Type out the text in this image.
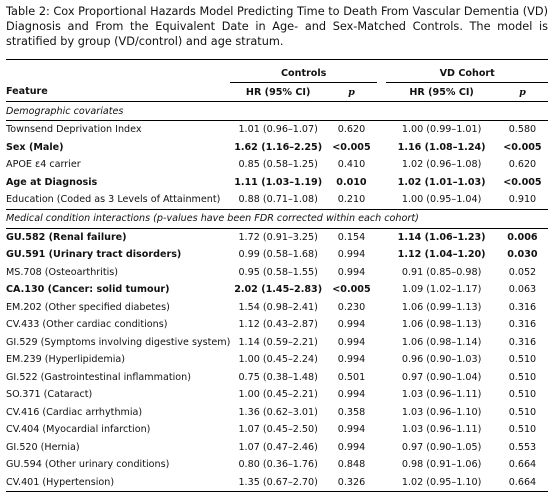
Table 2: Cox Proportional Hazards Model Predicting Time to Death From Vascular Dementia (VD) Diagnosis and From the Equivalent Date in Age- and Sex-Matched Controls. The model is stratified by group (VD/control) and age stratum.

	Controls			VD Cohort	
Feature	HR (95% CI)	p		HR (95% CI)	p
Demographic covariates					
Townsend Deprivation Index	1.01 (0.96–1.07)	0.620		1.00 (0.99–1.01)	0.580
Sex (Male)	1.62 (1.16–2.25)	<0.005		1.16 (1.08–1.24)	<0.005
APOE ε4 carrier	0.85 (0.58–1.25)	0.410		1.02 (0.96–1.08)	0.620
Age at Diagnosis	1.11 (1.03–1.19)	0.010		1.02 (1.01–1.03)	<0.005
Education (Coded as 3 Levels of Attainment)	0.88 (0.71–1.08)	0.210		1.00 (0.95–1.04)	0.910
Medical condition interactions (p-values have been FDR corrected within each cohort)					
GU.582 (Renal failure)	1.72 (0.91–3.25)	0.154		1.14 (1.06–1.23)	0.006
GU.591 (Urinary tract disorders)	0.99 (0.58–1.68)	0.994		1.12 (1.04–1.20)	0.030
MS.708 (Osteoarthritis)	0.95 (0.58–1.55)	0.994		0.91 (0.85–0.98)	0.052
CA.130 (Cancer: solid tumour)	2.02 (1.45–2.83)	<0.005		1.09 (1.02–1.17)	0.063
EM.202 (Other specified diabetes)	1.54 (0.98–2.41)	0.230		1.06 (0.99–1.13)	0.316
CV.433 (Other cardiac conditions)	1.12 (0.43–2.87)	0.994		1.06 (0.98–1.13)	0.316
GI.529 (Symptoms involving digestive system)	1.14 (0.59–2.21)	0.994		1.06 (0.98–1.14)	0.316
EM.239 (Hyperlipidemia)	1.00 (0.45–2.24)	0.994		0.96 (0.90–1.03)	0.510
GI.522 (Gastrointestinal inflammation)	0.75 (0.38–1.48)	0.501		0.97 (0.90–1.04)	0.510
SO.371 (Cataract)	1.00 (0.45–2.21)	0.994		1.03 (0.96–1.11)	0.510
CV.416 (Cardiac arrhythmia)	1.36 (0.62–3.01)	0.358		1.03 (0.96–1.10)	0.510
CV.404 (Myocardial infarction)	1.07 (0.45–2.50)	0.994		1.03 (0.96–1.11)	0.510
GI.520 (Hernia)	1.07 (0.47–2.46)	0.994		0.97 (0.90–1.05)	0.553
GU.594 (Other urinary conditions)	0.80 (0.36–1.76)	0.848		0.98 (0.91–1.06)	0.664
CV.401 (Hypertension)	1.35 (0.67–2.70)	0.326		1.02 (0.95–1.10)	0.664
